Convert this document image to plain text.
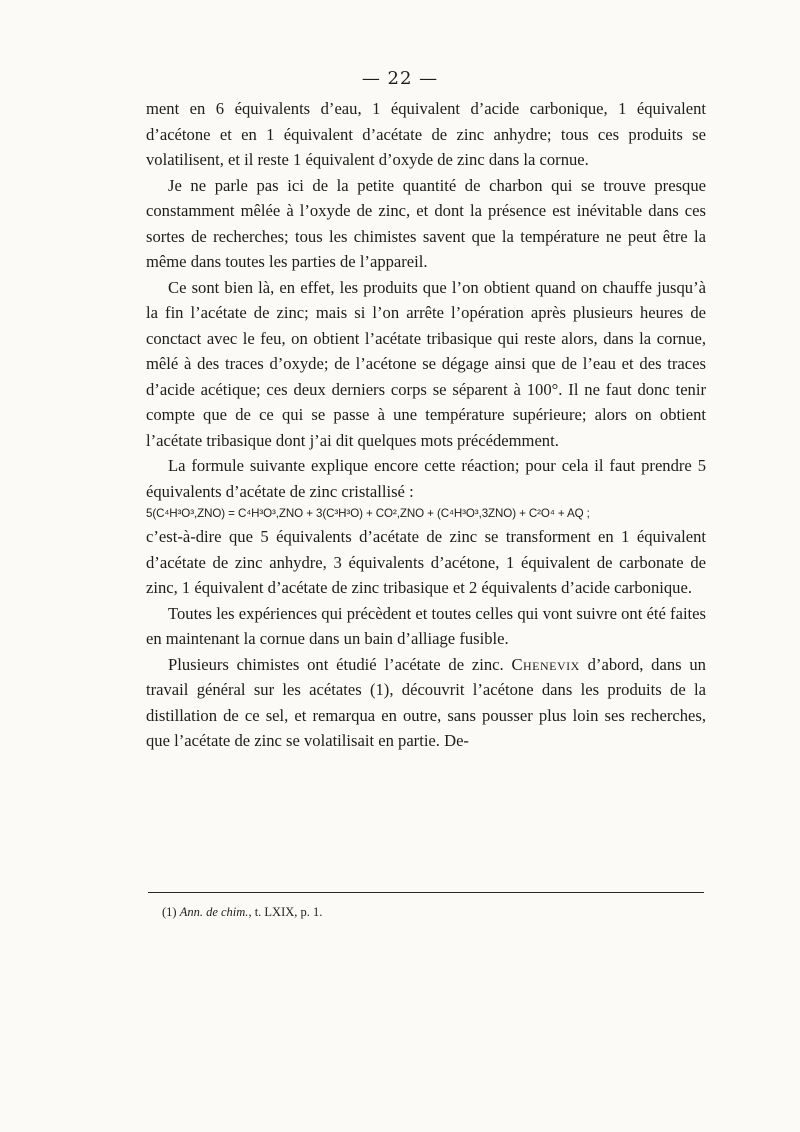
— 22 —

ment en 6 équivalents d’eau, 1 équivalent d’acide carbonique, 1 équivalent d’acétone et en 1 équivalent d’acétate de zinc anhydre; tous ces produits se volatilisent, et il reste 1 équivalent d’oxyde de zinc dans la cornue.

Je ne parle pas ici de la petite quantité de charbon qui se trouve presque constamment mêlée à l’oxyde de zinc, et dont la présence est inévitable dans ces sortes de recherches; tous les chimistes savent que la température ne peut être la même dans toutes les parties de l’appareil.

Ce sont bien là, en effet, les produits que l’on obtient quand on chauffe jusqu’à la fin l’acétate de zinc; mais si l’on arrête l’opération après plusieurs heures de conctact avec le feu, on obtient l’acétate tribasique qui reste alors, dans la cornue, mêlé à des traces d’oxyde; de l’acétone se dégage ainsi que de l’eau et des traces d’acide acétique; ces deux derniers corps se séparent à 100°. Il ne faut donc tenir compte que de ce qui se passe à une température supérieure; alors on obtient l’acétate tribasique dont j’ai dit quelques mots précédemment.

La formule suivante explique encore cette réaction; pour cela il faut prendre 5 équivalents d’acétate de zinc cristallisé :

5(C⁴H³O³,ZNO) = C⁴H³O³,ZNO + 3(C³H³O) + CO²,ZNO + (C⁴H³O³,3ZNO) + C²O⁴ + AQ ;

c’est-à-dire que 5 équivalents d’acétate de zinc se transforment en 1 équivalent d’acétate de zinc anhydre, 3 équivalents d’acétone, 1 équivalent de carbonate de zinc, 1 équivalent d’acétate de zinc tribasique et 2 équivalents d’acide carbonique.

Toutes les expériences qui précèdent et toutes celles qui vont suivre ont été faites en maintenant la cornue dans un bain d’alliage fusible.

Plusieurs chimistes ont étudié l’acétate de zinc. Chenevix d’abord, dans un travail général sur les acétates (1), découvrit l’acétone dans les produits de la distillation de ce sel, et remarqua en outre, sans pousser plus loin ses recherches, que l’acétate de zinc se volatilisait en partie. De-

(1) Ann. de chim., t. LXIX, p. 1.
